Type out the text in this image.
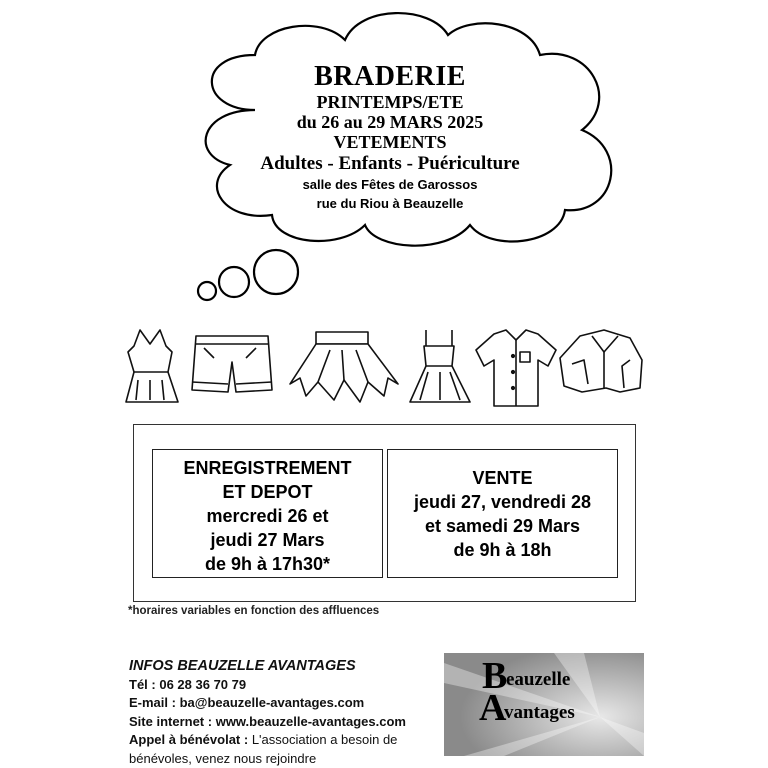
BRADERIE
PRINTEMPS/ETE
du 26 au 29 MARS 2025
VETEMENTS
Adultes - Enfants - Puériculture
salle des Fêtes de Garossos
rue du Riou à Beauzelle
ENREGISTREMENT
ET DEPOT
mercredi 26 et
jeudi 27 Mars
de 9h à 17h30*
VENTE
jeudi 27, vendredi 28
et samedi 29 Mars
de 9h à 18h
*horaires variables en fonction des affluences
INFOS BEAUZELLE AVANTAGES
Tél : 06 28 36 70 79
E-mail : ba@beauzelle-avantages.com
Site internet : www.beauzelle-avantages.com
Appel à bénévolat : L'association a besoin de
bénévoles, venez nous rejoindre
B
eauzelle
A
vantages
